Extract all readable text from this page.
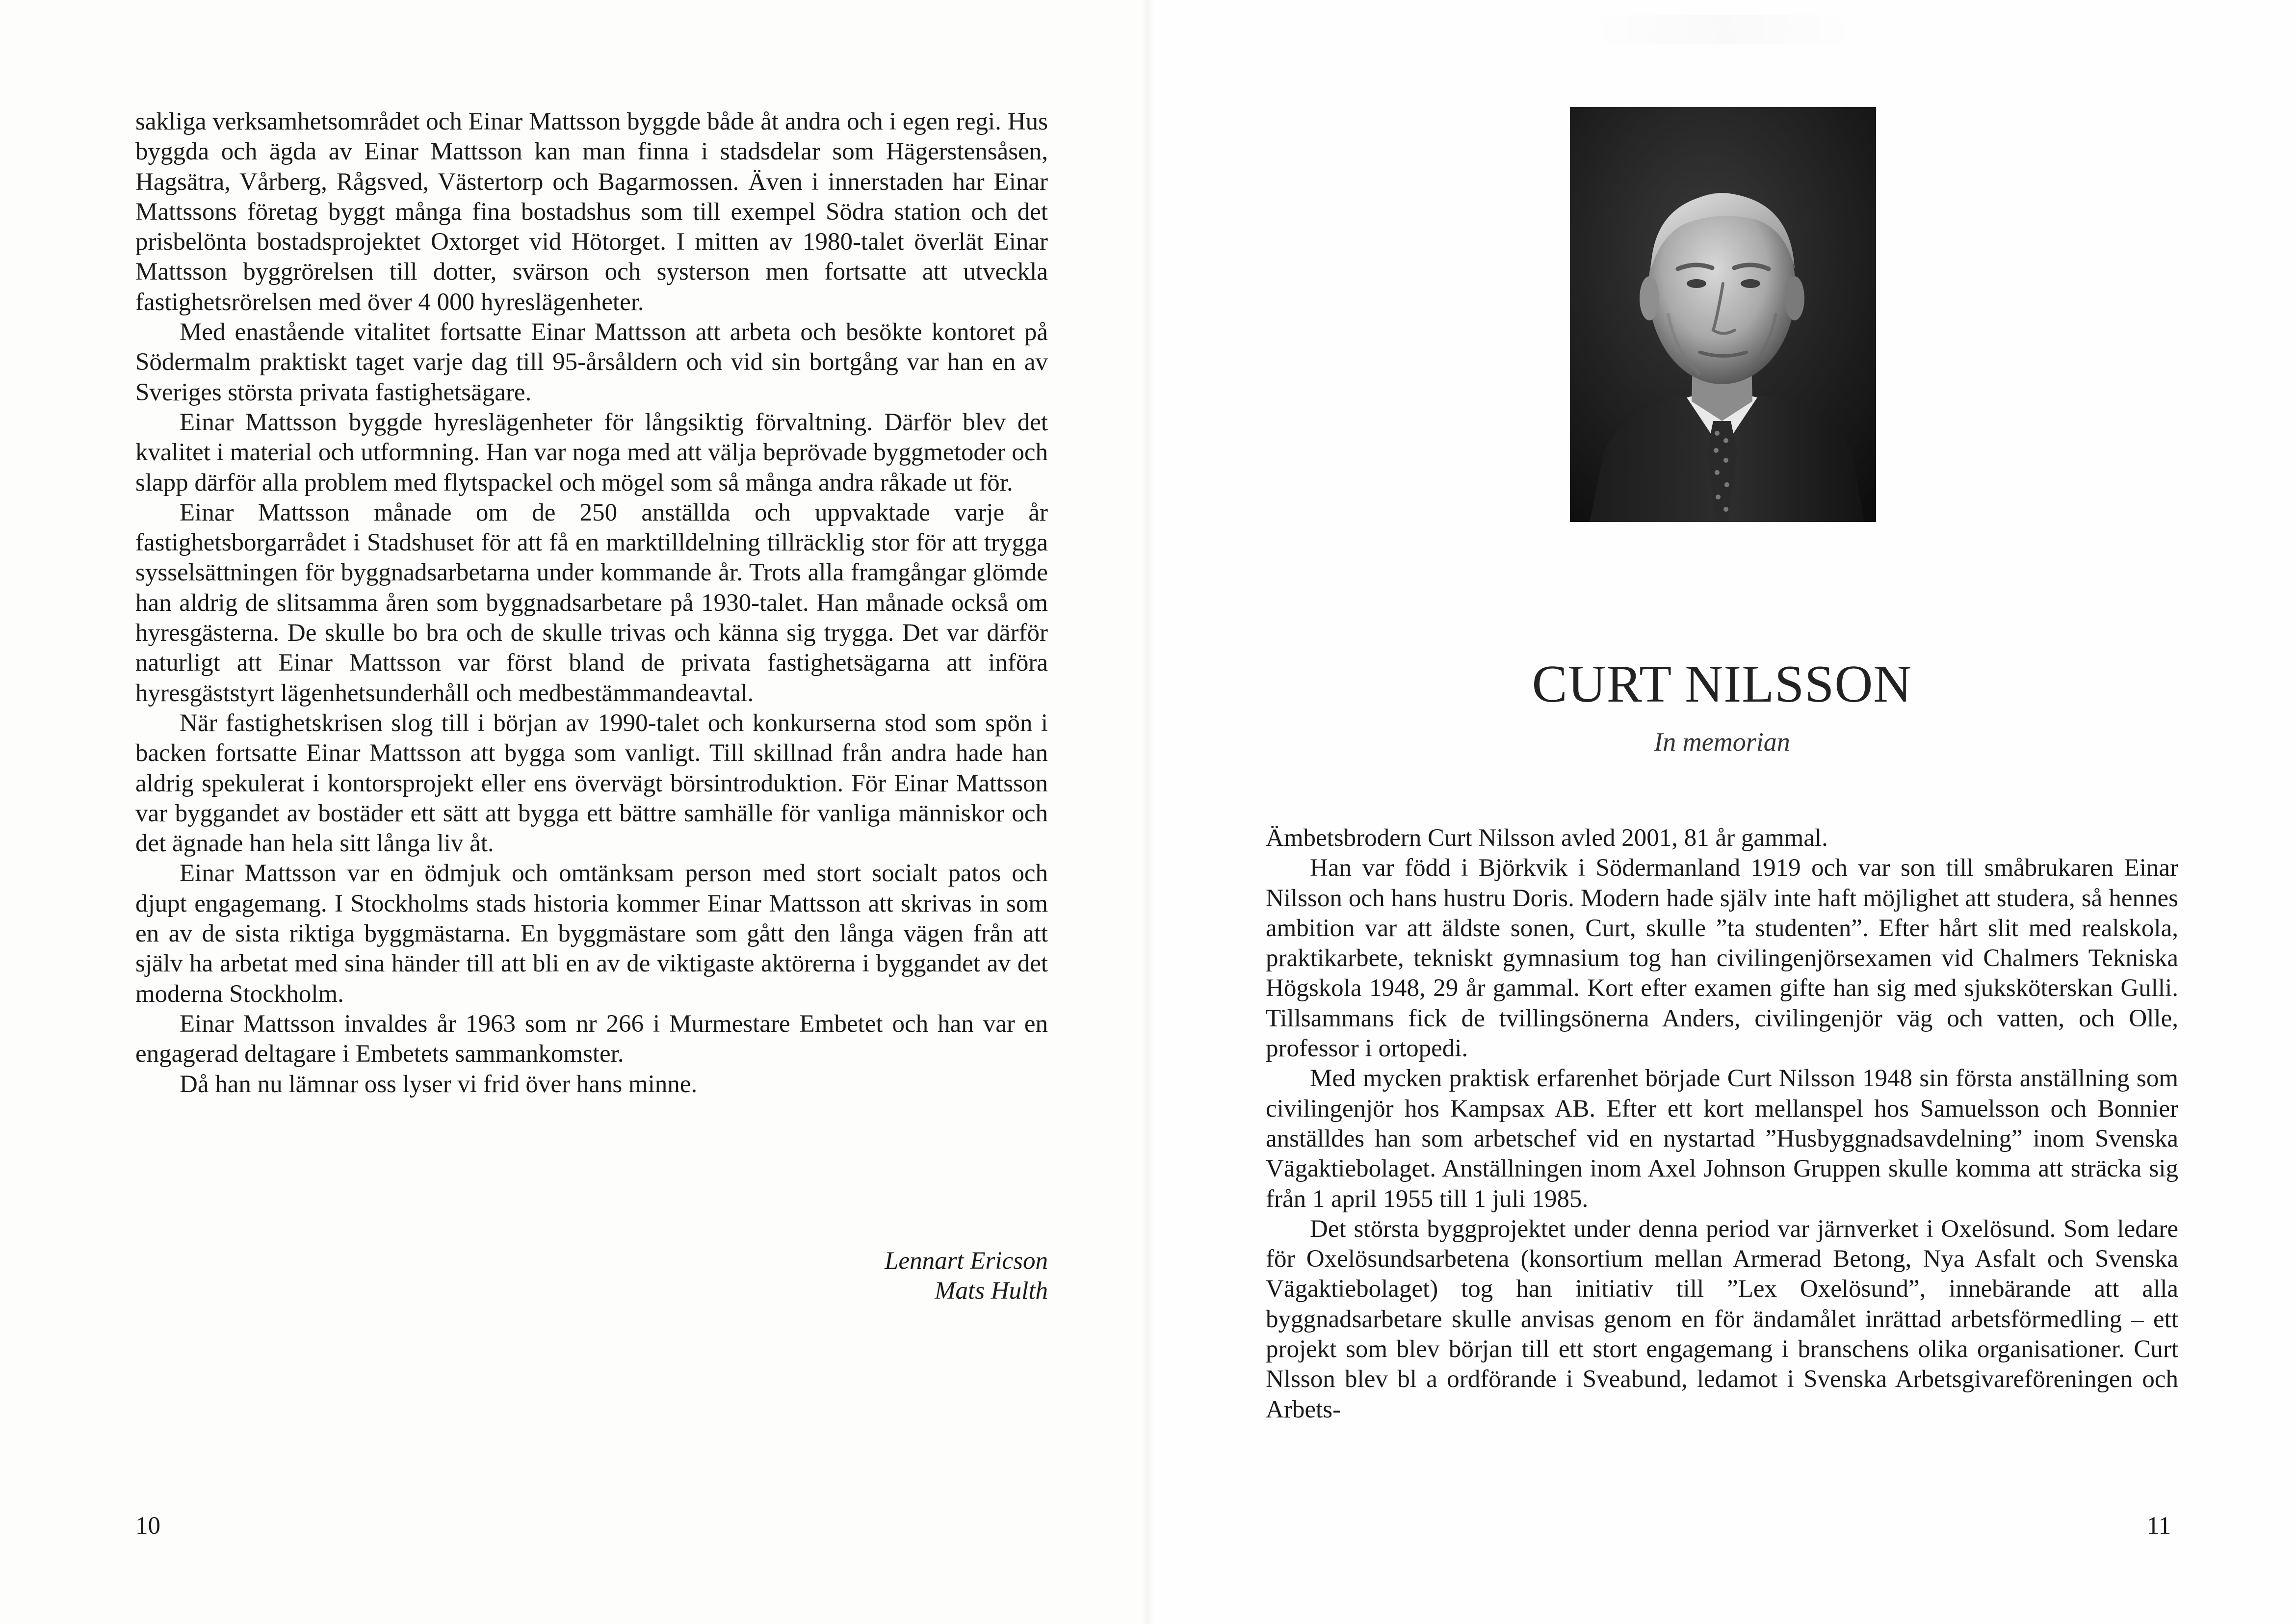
sakliga verksamhetsområdet och Einar Mattsson byggde både åt andra och i egen regi. Hus byggda och ägda av Einar Mattsson kan man finna i stadsdelar som Hägerstensåsen, Hagsätra, Vårberg, Rågsved, Västertorp och Bagarmossen. Även i innerstaden har Einar Mattssons företag byggt många fina bostadshus som till exempel Södra station och det prisbelönta bostadsprojektet Oxtorget vid Hötorget. I mitten av 1980-talet överlät Einar Mattsson byggrörelsen till dotter, svärson och systerson men fortsatte att utveckla fastighetsrörelsen med över 4 000 hyreslägenheter.

Med enastående vitalitet fortsatte Einar Mattsson att arbeta och besökte kontoret på Södermalm praktiskt taget varje dag till 95-årsåldern och vid sin bortgång var han en av Sveriges största privata fastighetsägare.

Einar Mattsson byggde hyreslägenheter för långsiktig förvaltning. Därför blev det kvalitet i material och utformning. Han var noga med att välja beprövade byggmetoder och slapp därför alla problem med flytspackel och mögel som så många andra råkade ut för.

Einar Mattsson månade om de 250 anställda och uppvaktade varje år fastighetsborgarrådet i Stadshuset för att få en marktilldelning tillräcklig stor för att trygga sysselsättningen för byggnadsarbetarna under kommande år. Trots alla framgångar glömde han aldrig de slitsamma åren som byggnadsarbetare på 1930-talet. Han månade också om hyresgästerna. De skulle bo bra och de skulle trivas och känna sig trygga. Det var därför naturligt att Einar Mattsson var först bland de privata fastighetsägarna att införa hyresgäststyrt lägenhetsunderhåll och medbestämmandeavtal.

När fastighetskrisen slog till i början av 1990-talet och konkurserna stod som spön i backen fortsatte Einar Mattsson att bygga som vanligt. Till skillnad från andra hade han aldrig spekulerat i kontorsprojekt eller ens övervägt börsintroduktion. För Einar Mattsson var byggandet av bostäder ett sätt att bygga ett bättre samhälle för vanliga människor och det ägnade han hela sitt långa liv åt.

Einar Mattsson var en ödmjuk och omtänksam person med stort socialt patos och djupt engagemang. I Stockholms stads historia kommer Einar Mattsson att skrivas in som en av de sista riktiga byggmästarna. En byggmästare som gått den långa vägen från att själv ha arbetat med sina händer till att bli en av de viktigaste aktörerna i byggandet av det moderna Stockholm.

Einar Mattsson invaldes år 1963 som nr 266 i Murmestare Embetet och han var en engagerad deltagare i Embetets sammankomster.

Då han nu lämnar oss lyser vi frid över hans minne.

Lennart Ericson
Mats Hulth
10
CURT NILSSON
In memorian

Ämbetsbrodern Curt Nilsson avled 2001, 81 år gammal.

Han var född i Björkvik i Södermanland 1919 och var son till småbrukaren Einar Nilsson och hans hustru Doris. Modern hade själv inte haft möjlighet att studera, så hennes ambition var att äldste sonen, Curt, skulle ”ta studenten”. Efter hårt slit med realskola, praktikarbete, tekniskt gymnasium tog han civilingenjörsexamen vid Chalmers Tekniska Högskola 1948, 29 år gammal. Kort efter examen gifte han sig med sjuksköterskan Gulli. Tillsammans fick de tvillingsönerna Anders, civilingenjör väg och vatten, och Olle, professor i ortopedi.

Med mycken praktisk erfarenhet började Curt Nilsson 1948 sin första anställning som civilingenjör hos Kampsax AB. Efter ett kort mellanspel hos Samuelsson och Bonnier anställdes han som arbetschef vid en nystartad ”Husbyggnadsavdelning” inom Svenska Vägaktiebolaget. Anställningen inom Axel Johnson Gruppen skulle komma att sträcka sig från 1 april 1955 till 1 juli 1985.

Det största byggprojektet under denna period var järnverket i Oxelösund. Som ledare för Oxelösundsarbetena (konsortium mellan Armerad Betong, Nya Asfalt och Svenska Vägaktiebolaget) tog han initiativ till ”Lex Oxelösund”, innebärande att alla byggnadsarbetare skulle anvisas genom en för ändamålet inrättad arbetsförmedling – ett projekt som blev början till ett stort engagemang i branschens olika organisationer. Curt Nlsson blev bl a ordförande i Sveabund, ledamot i Svenska Arbetsgivareföreningen och Arbets-

11
